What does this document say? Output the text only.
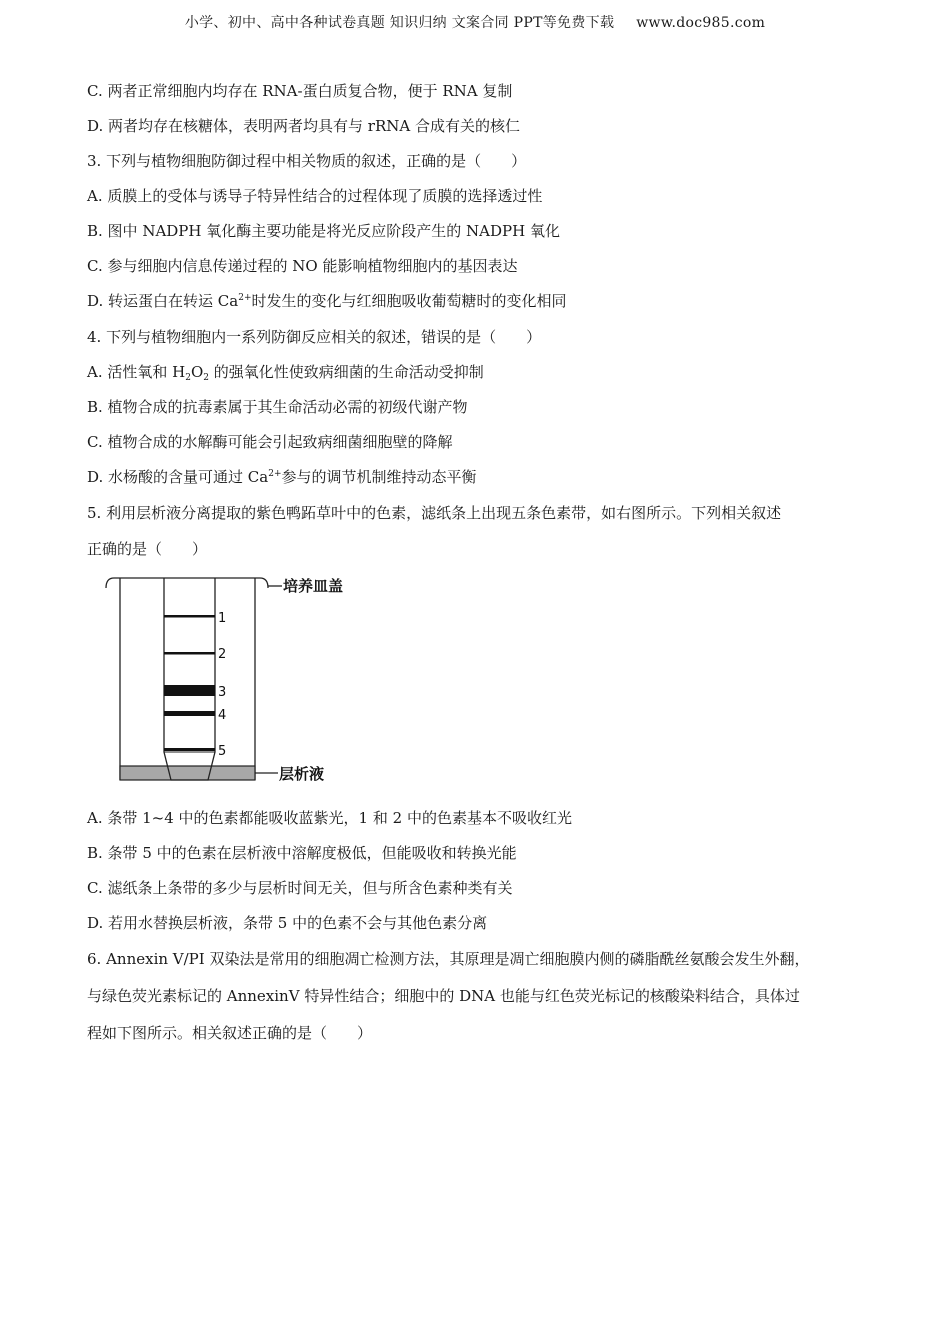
小学、初中、高中各种试卷真题 知识归纳 文案合同 PPT等免费下载 www.doc985.com
C. 两者正常细胞内均存在 RNA-蛋白质复合物，便于 RNA 复制
D. 两者均存在核糖体，表明两者均具有与 rRNA 合成有关的核仁
3. 下列与植物细胞防御过程中相关物质的叙述，正确的是（　　）
A. 质膜上的受体与诱导子特异性结合的过程体现了质膜的选择透过性
B. 图中 NADPH 氧化酶主要功能是将光反应阶段产生的 NADPH 氧化
C. 参与细胞内信息传递过程的 NO 能影响植物细胞内的基因表达
D. 转运蛋白在转运 $Ca^{2+}$时发生的变化与红细胞吸收葡萄糖时的变化相同
4. 下列与植物细胞内一系列防御反应相关的叙述，错误的是（　　）
A. 活性氧和 $H_2O_2$ 的强氧化性使致病细菌的生命活动受抑制
B. 植物合成的抗毒素属于其生命活动必需的初级代谢产物
C. 植物合成的水解酶可能会引起致病细菌细胞壁的降解
D. 水杨酸的含量可通过 $Ca^{2+}$参与的调节机制维持动态平衡
5. 利用层析液分离提取的紫色鸭跖草叶中的色素，滤纸条上出现五条色素带，如右图所示。下列相关叙述
正确的是（　　）
1
2
3
4
5
培养皿盖
层析液
A. 条带 1~4 中的色素都能吸收蓝紫光，1 和 2 中的色素基本不吸收红光
B. 条带 5 中的色素在层析液中溶解度极低，但能吸收和转换光能
C. 滤纸条上条带的多少与层析时间无关，但与所含色素种类有关
D. 若用水替换层析液，条带 5 中的色素不会与其他色素分离
6. Annexin V/PI 双染法是常用的细胞凋亡检测方法，其原理是凋亡细胞膜内侧的磷脂酰丝氨酸会发生外翻，
与绿色荧光素标记的 AnnexinV 特异性结合；细胞中的 DNA 也能与红色荧光标记的核酸染料结合，具体过
程如下图所示。相关叙述正确的是（　　）
